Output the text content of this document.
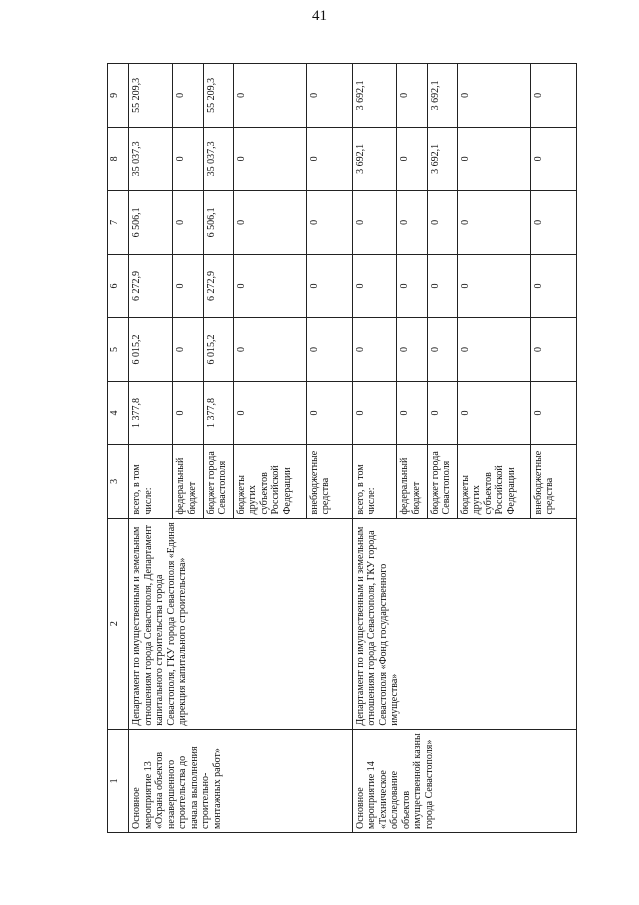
41
1	2	3	4	5	6	7	8	9
Основное мероприятие 13 «Охрана объектов незавершенного строительства до начала выполнения строительно-монтажных работ»	Департамент по имущественным и земельным отношениям города Севастополя, Департамент капитального строительства города Севастополя, ГКУ города Севастополя «Единая дирекция капитального строительства»	всего, в том числе:	1 377,8	6 015,2	6 272,9	6 506,1	35 037,3	55 209,3
		федеральный бюджет	0	0	0	0	0	0
		бюджет города Севастополя	1 377,8	6 015,2	6 272,9	6 506,1	35 037,3	55 209,3
		бюджеты других субъектов Российской Федерации	0	0	0	0	0	0
		внебюджетные средства	0	0	0	0	0	0
Основное мероприятие 14 «Техническое обследование объектов имущественной казны города Севастополя»	Департамент по имущественным и земельным отношениям города Севастополя, ГКУ города Севастополя «Фонд государственного имущества»	всего, в том числе:	0	0	0	0	3 692,1	3 692,1
		федеральный бюджет	0	0	0	0	0	0
		бюджет города Севастополя	0	0	0	0	3 692,1	3 692,1
		бюджеты других субъектов Российской Федерации	0	0	0	0	0	0
		внебюджетные средства	0	0	0	0	0	0
